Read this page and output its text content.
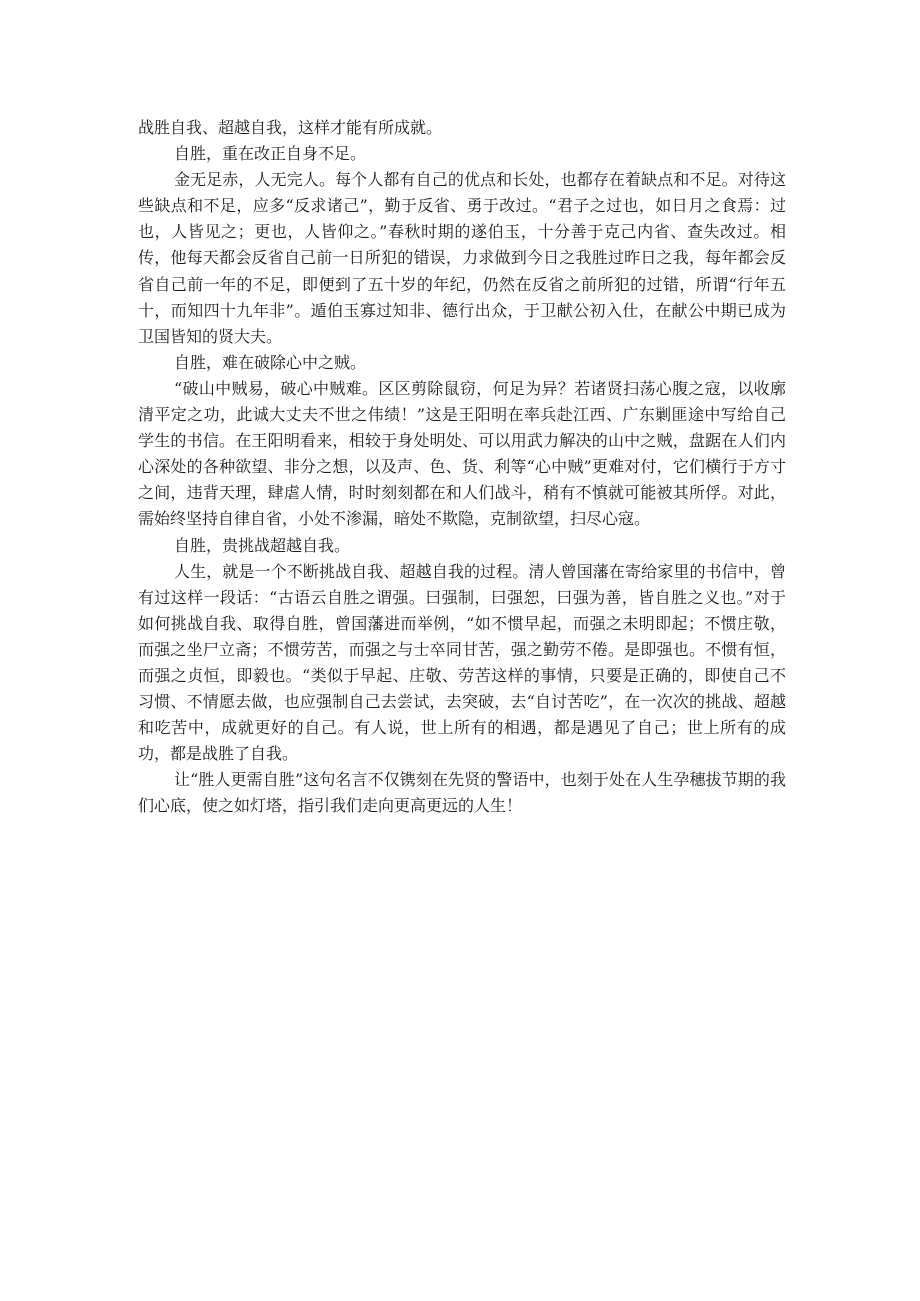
战胜自我、超越自我，这样才能有所成就。

自胜，重在改正自身不足。

金无足赤，人无完人。每个人都有自己的优点和长处，也都存在着缺点和不足。对待这些缺点和不足，应多“反求诸己”，勤于反省、勇于改过。“君子之过也，如日月之食焉：过也，人皆见之；更也，人皆仰之。”春秋时期的遂伯玉，十分善于克己内省、查失改过。相传，他每天都会反省自己前一日所犯的错误，力求做到今日之我胜过昨日之我，每年都会反省自己前一年的不足，即便到了五十岁的年纪，仍然在反省之前所犯的过错，所谓“行年五十，而知四十九年非”。遁伯玉寡过知非、德行出众，于卫献公初入仕，在献公中期已成为卫国皆知的贤大夫。

自胜，难在破除心中之贼。

“破山中贼易，破心中贼难。区区剪除鼠窃，何足为异？若诸贤扫荡心腹之寇，以收廓清平定之功，此诚大丈夫不世之伟绩！”这是王阳明在率兵赴江西、广东剿匪途中写给自己学生的书信。在王阳明看来，相较于身处明处、可以用武力解决的山中之贼，盘踞在人们内心深处的各种欲望、非分之想，以及声、色、货、利等“心中贼”更难对付，它们横行于方寸之间，违背天理，肆虐人情，时时刻刻都在和人们战斗，稍有不慎就可能被其所俘。对此，需始终坚持自律自省，小处不渗漏，暗处不欺隐，克制欲望，扫尽心寇。

自胜，贵挑战超越自我。

人生，就是一个不断挑战自我、超越自我的过程。清人曾国藩在寄给家里的书信中，曾有过这样一段话：“古语云自胜之谓强。曰强制，曰强恕，曰强为善，皆自胜之义也。”对于如何挑战自我、取得自胜，曾国藩进而举例，“如不惯早起，而强之未明即起；不惯庄敬，而强之坐尸立斋；不惯劳苦，而强之与士卒同甘苦，强之勤劳不倦。是即强也。不惯有恒，而强之贞恒，即毅也。“类似于早起、庄敬、劳苦这样的事情，只要是正确的，即使自己不习惯、不情愿去做，也应强制自己去尝试，去突破，去“自讨苦吃”，在一次次的挑战、超越和吃苦中，成就更好的自己。有人说，世上所有的相遇，都是遇见了自己；世上所有的成功，都是战胜了自我。

让“胜人更需自胜”这句名言不仅镌刻在先贤的警语中，也刻于处在人生孕穗拔节期的我们心底，使之如灯塔，指引我们走向更高更远的人生！
